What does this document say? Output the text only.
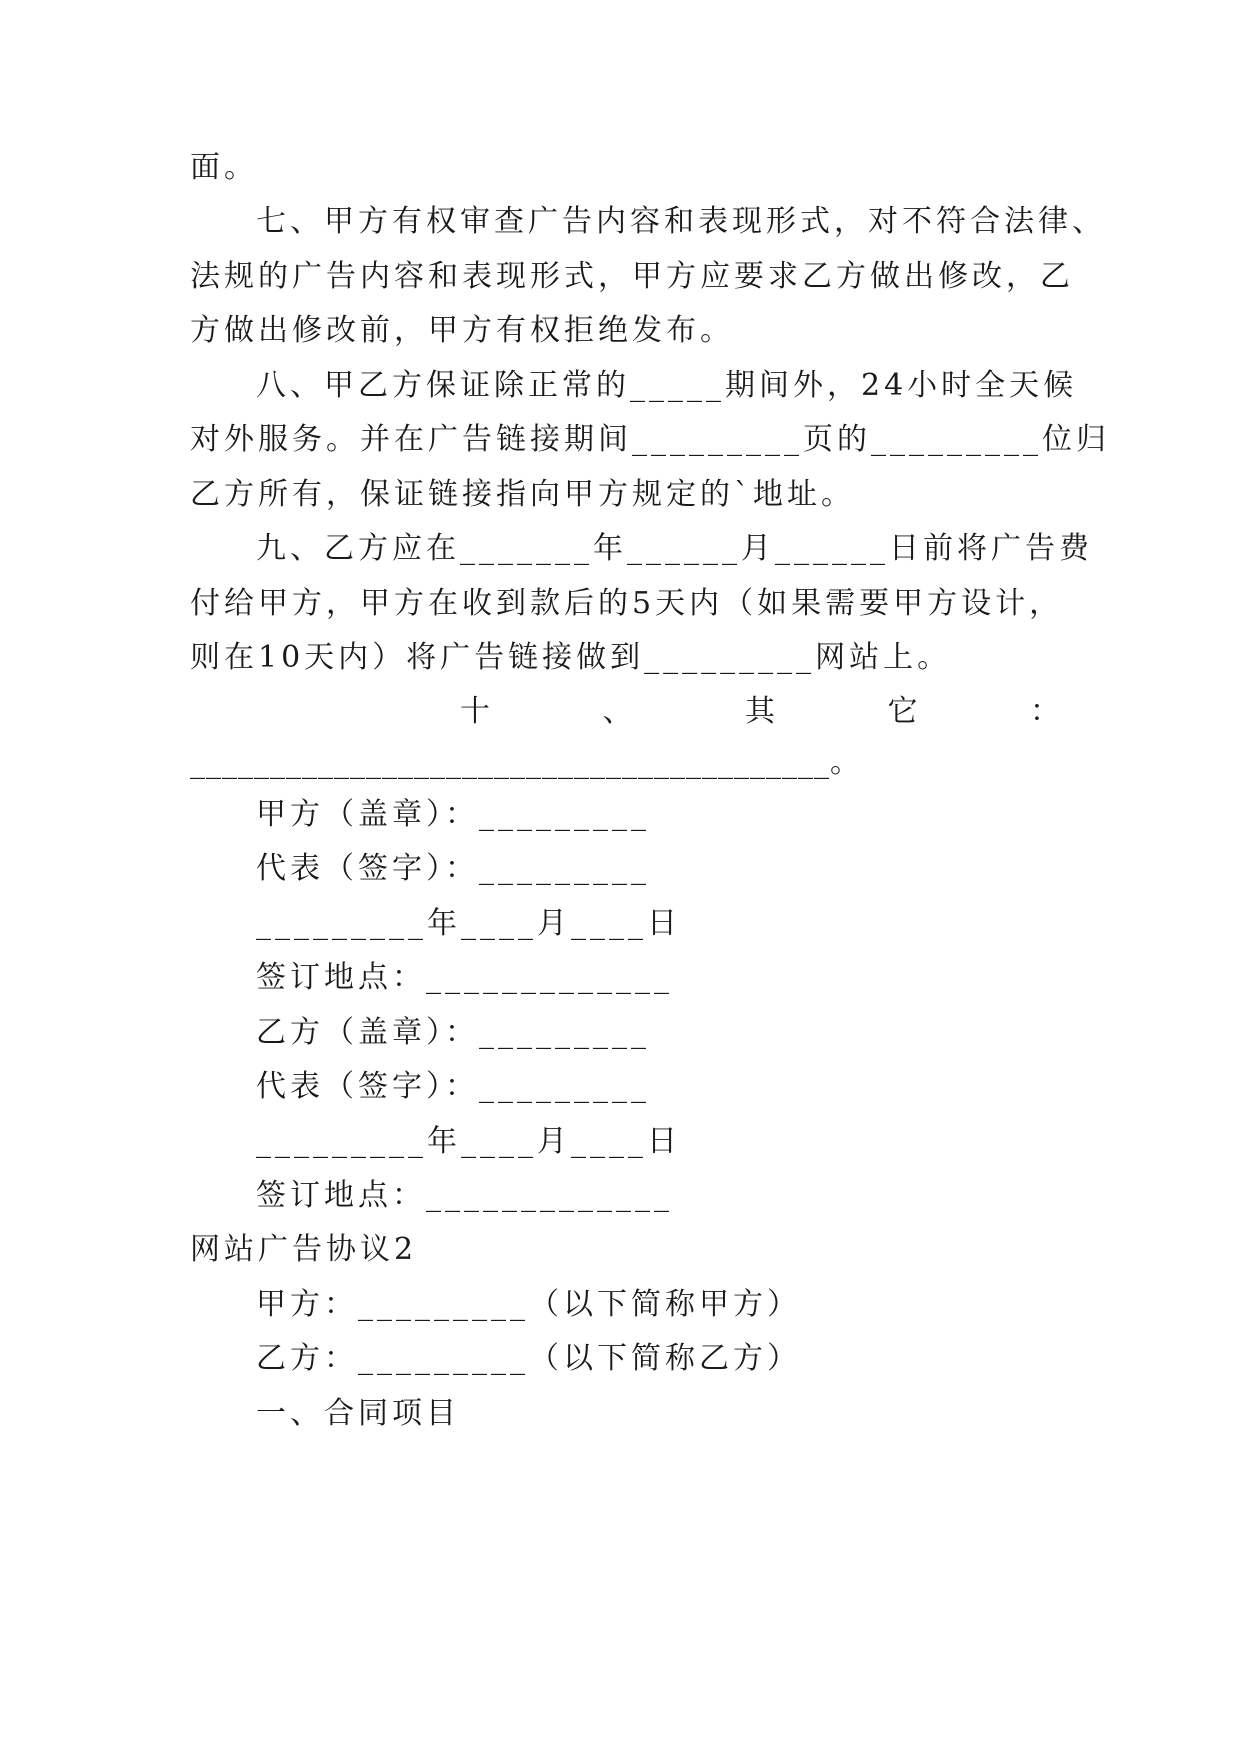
面。
七、甲方有权审查广告内容和表现形式，对不符合法律、
法规的广告内容和表现形式，甲方应要求乙方做出修改，乙
方做出修改前，甲方有权拒绝发布。
八、甲乙方保证除正常的_____期间外，24小时全天候
对外服务。并在广告链接期间_________页的_________位归
乙方所有，保证链接指向甲方规定的`地址。
九、乙方应在_______年______月______日前将广告费
付给甲方，甲方在收到款后的5天内（如果需要甲方设计，
则在10天内）将广告链接做到_________网站上。
十	、	其	它	：
________________________________________。
甲方（盖章）：_________
代表（签字）：_________
_________年____月____日
签订地点：_____________
乙方（盖章）：_________
代表（签字）：_________
_________年____月____日
签订地点：_____________
网站广告协议2
甲方：_________（以下简称甲方）
乙方：_________（以下简称乙方）
一、合同项目
